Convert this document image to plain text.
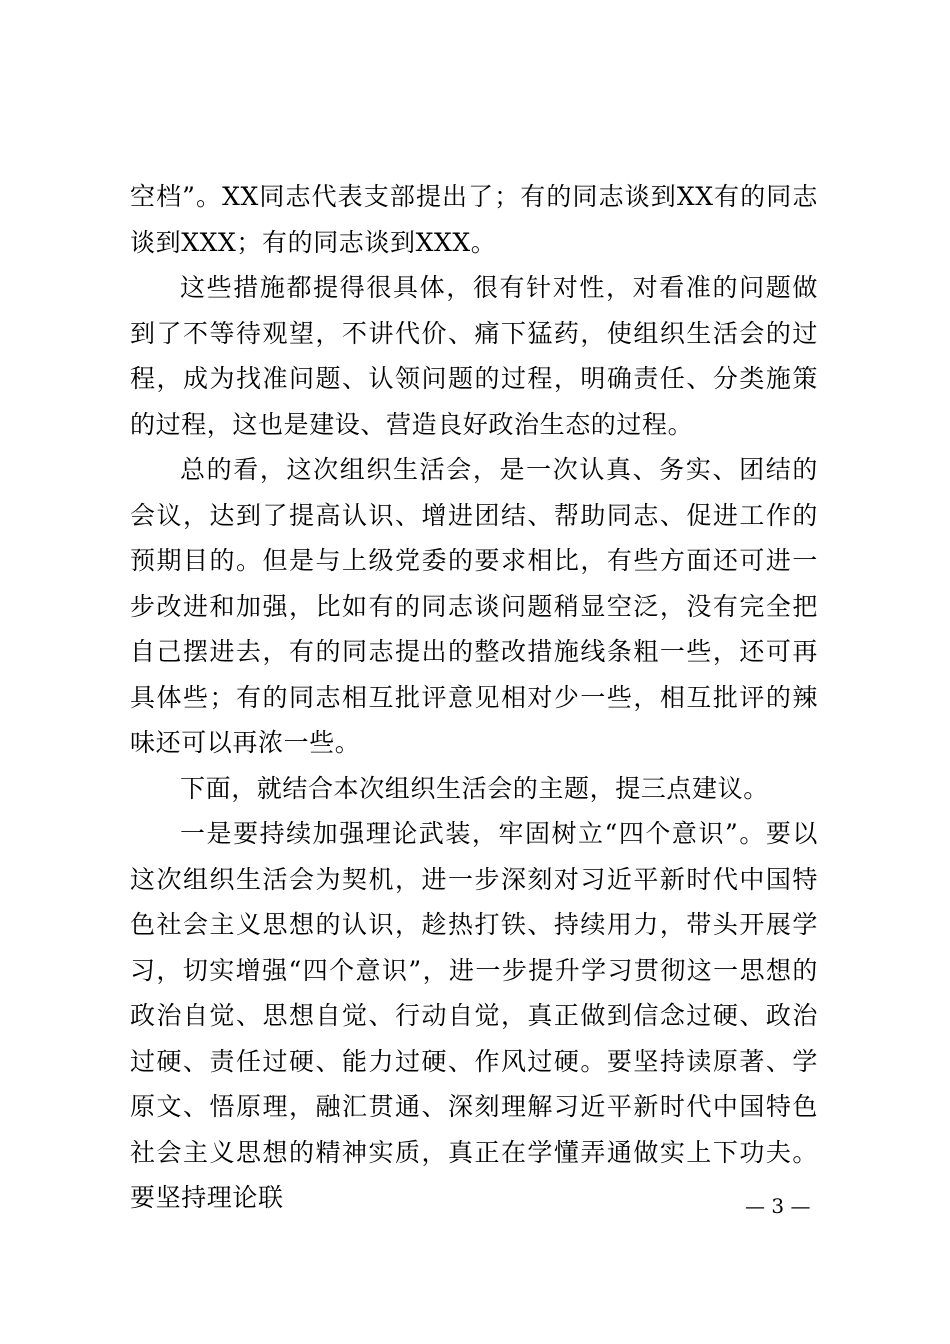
空档”。XX同志代表支部提出了；有的同志谈到XX有的同志谈到XXX；有的同志谈到XXX。

这些措施都提得很具体，很有针对性，对看准的问题做到了不等待观望，不讲代价、痛下猛药，使组织生活会的过程，成为找准问题、认领问题的过程，明确责任、分类施策的过程，这也是建设、营造良好政治生态的过程。

总的看，这次组织生活会，是一次认真、务实、团结的会议，达到了提高认识、增进团结、帮助同志、促进工作的预期目的。但是与上级党委的要求相比，有些方面还可进一步改进和加强，比如有的同志谈问题稍显空泛，没有完全把自己摆进去，有的同志提出的整改措施线条粗一些，还可再具体些；有的同志相互批评意见相对少一些，相互批评的辣味还可以再浓一些。

下面，就结合本次组织生活会的主题，提三点建议。

一是要持续加强理论武装，牢固树立“四个意识”。要以这次组织生活会为契机，进一步深刻对习近平新时代中国特色社会主义思想的认识，趁热打铁、持续用力，带头开展学习，切实增强“四个意识”，进一步提升学习贯彻这一思想的政治自觉、思想自觉、行动自觉，真正做到信念过硬、政治过硬、责任过硬、能力过硬、作风过硬。要坚持读原著、学原文、悟原理，融汇贯通、深刻理解习近平新时代中国特色社会主义思想的精神实质，真正在学懂弄通做实上下功夫。要坚持理论联	— 3 —
